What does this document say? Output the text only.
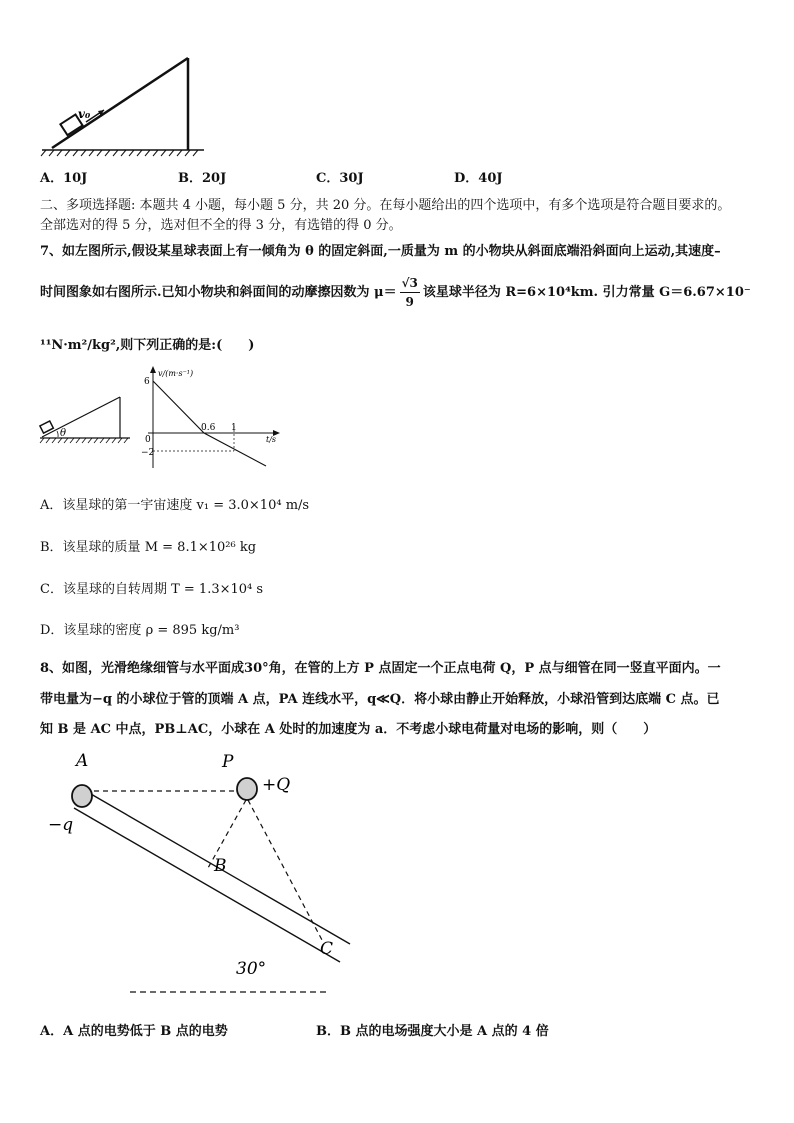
v₀
A．10J	B．20J	C．30J	D．40J
二、多项选择题: 本题共 4 小题，每小题 5 分，共 20 分。在每小题给出的四个选项中，有多个选项是符合题目要求的。
全部选对的得 5 分，选对但不全的得 3 分，有选错的得 0 分。
7、如左图所示,假设某星球表面上有一倾角为 θ 的固定斜面,一质量为 m 的小物块从斜面底端沿斜面向上运动,其速度–
时间图象如右图所示.已知小物块和斜面间的动摩擦因数为 $\mu= \frac{√3}{9}$ 该星球半径为 R=6×10⁴km. 引力常量 G＝6.67×10⁻
¹¹N·m²/kg²,则下列正确的是:(　　)
θ
v/(m·s⁻¹)
t/s
6
−2
0
0.6 1
A．该星球的第一宇宙速度 v₁ = 3.0×10⁴ m/s
B．该星球的质量 M = 8.1×10²⁶ kg
C．该星球的自转周期 T = 1.3×10⁴ s
D．该星球的密度 ρ = 895 kg/m³
8、如图，光滑绝缘细管与水平面成30°角，在管的上方 P 点固定一个正点电荷 Q，P 点与细管在同一竖直平面内。一
带电量为−q 的小球位于管的顶端 A 点，PA 连线水平，q≪Q．将小球由静止开始释放，小球沿管到达底端 C 点。已
知 B 是 AC 中点，PB⊥AC，小球在 A 处时的加速度为 a．不考虑小球电荷量对电场的影响，则（　　）
A	P
+Q
−q
B
C
30°
A．A 点的电势低于 B 点的电势	B．B 点的电场强度大小是 A 点的 4 倍
